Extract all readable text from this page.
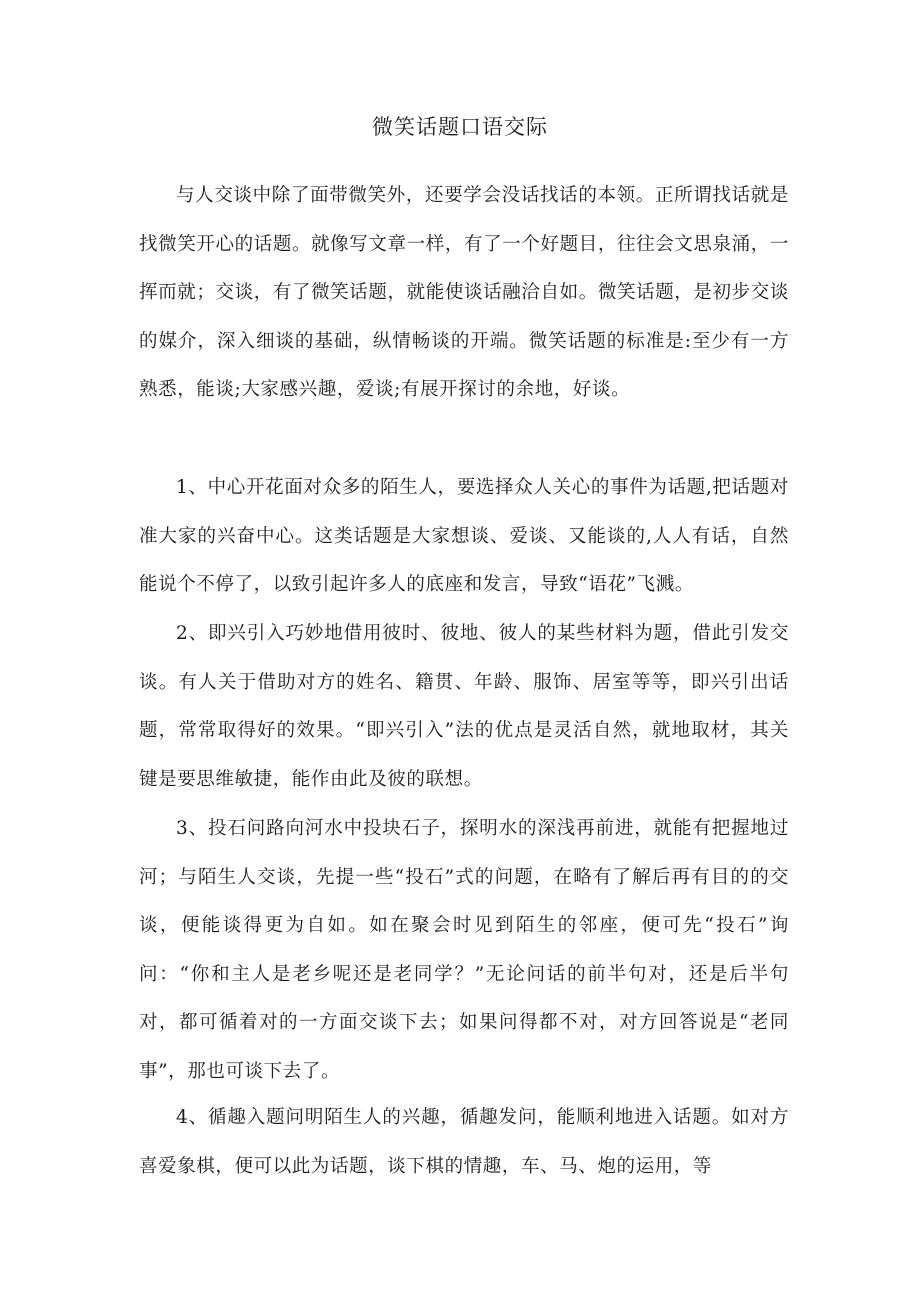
微笑话题口语交际

与人交谈中除了面带微笑外，还要学会没话找话的本领。正所谓找话就是找微笑开心的话题。就像写文章一样，有了一个好题目，往往会文思泉涌，一挥而就；交谈，有了微笑话题，就能使谈话融洽自如。微笑话题，是初步交谈的媒介，深入细谈的基础，纵情畅谈的开端。微笑话题的标准是:至少有一方熟悉，能谈;大家感兴趣，爱谈;有展开探讨的余地，好谈。

1、中心开花面对众多的陌生人，要选择众人关心的事件为话题,把话题对准大家的兴奋中心。这类话题是大家想谈、爱谈、又能谈的,人人有话，自然能说个不停了，以致引起许多人的底座和发言，导致“语花”飞溅。

2、即兴引入巧妙地借用彼时、彼地、彼人的某些材料为题，借此引发交谈。有人关于借助对方的姓名、籍贯、年龄、服饰、居室等等，即兴引出话题，常常取得好的效果。“即兴引入”法的优点是灵活自然，就地取材，其关键是要思维敏捷，能作由此及彼的联想。

3、投石问路向河水中投块石子，探明水的深浅再前进，就能有把握地过河；与陌生人交谈，先提一些“投石”式的问题，在略有了解后再有目的的交谈，便能谈得更为自如。如在聚会时见到陌生的邻座，便可先“投石”询问：“你和主人是老乡呢还是老同学？”无论问话的前半句对，还是后半句对，都可循着对的一方面交谈下去；如果问得都不对，对方回答说是“老同事”，那也可谈下去了。

4、循趣入题问明陌生人的兴趣，循趣发问，能顺利地进入话题。如对方喜爱象棋，便可以此为话题，谈下棋的情趣，车、马、炮的运用，等
